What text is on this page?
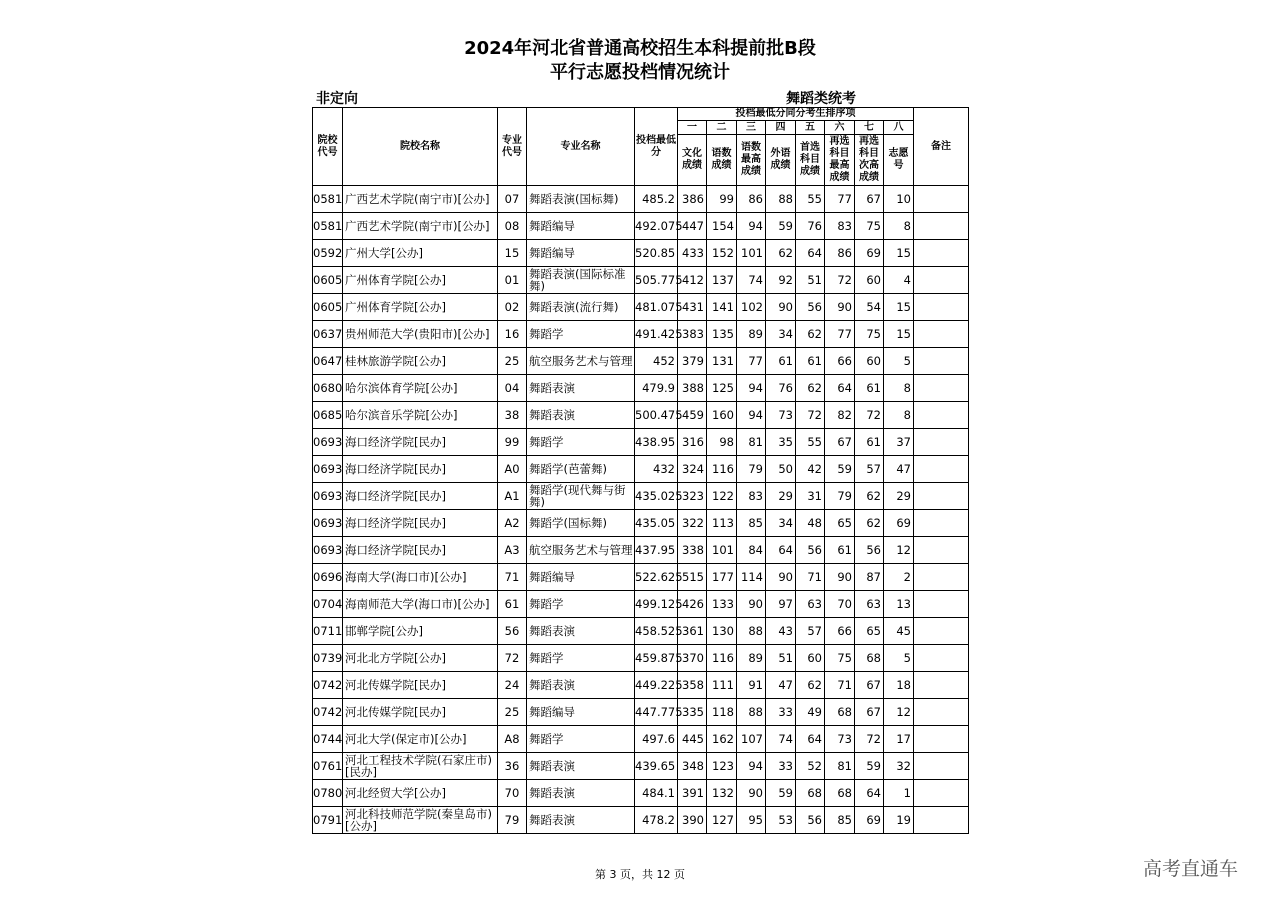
2024年河北省普通高校招生本科提前批B段
平行志愿投档情况统计
非定向	舞蹈类统考
院校代号	院校名称	专业代号	专业名称	投档最低分	投档最低分同分考生排序项								备注
					一	二	三	四	五	六	七	八	
					文化成绩	语数成绩	语数最高成绩	外语成绩	首选科目成绩	再选科目最高成绩	再选科目次高成绩	志愿号	
0581	广西艺术学院(南宁市)[公办]	07	舞蹈表演(国标舞)	485.2	386	99	86	88	55	77	67	10	
0581	广西艺术学院(南宁市)[公办]	08	舞蹈编导	492.075	447	154	94	59	76	83	75	8	
0592	广州大学[公办]	15	舞蹈编导	520.85	433	152	101	62	64	86	69	15	
0605	广州体育学院[公办]	01	舞蹈表演(国际标准舞)	505.775	412	137	74	92	51	72	60	4	
0605	广州体育学院[公办]	02	舞蹈表演(流行舞)	481.075	431	141	102	90	56	90	54	15	
0637	贵州师范大学(贵阳市)[公办]	16	舞蹈学	491.425	383	135	89	34	62	77	75	15	
0647	桂林旅游学院[公办]	25	航空服务艺术与管理	452	379	131	77	61	61	66	60	5	
0680	哈尔滨体育学院[公办]	04	舞蹈表演	479.9	388	125	94	76	62	64	61	8	
0685	哈尔滨音乐学院[公办]	38	舞蹈表演	500.475	459	160	94	73	72	82	72	8	
0693	海口经济学院[民办]	99	舞蹈学	438.95	316	98	81	35	55	67	61	37	
0693	海口经济学院[民办]	A0	舞蹈学(芭蕾舞)	432	324	116	79	50	42	59	57	47	
0693	海口经济学院[民办]	A1	舞蹈学(现代舞与街舞)	435.025	323	122	83	29	31	79	62	29	
0693	海口经济学院[民办]	A2	舞蹈学(国标舞)	435.05	322	113	85	34	48	65	62	69	
0693	海口经济学院[民办]	A3	航空服务艺术与管理	437.95	338	101	84	64	56	61	56	12	
0696	海南大学(海口市)[公办]	71	舞蹈编导	522.625	515	177	114	90	71	90	87	2	
0704	海南师范大学(海口市)[公办]	61	舞蹈学	499.125	426	133	90	97	63	70	63	13	
0711	邯郸学院[公办]	56	舞蹈表演	458.525	361	130	88	43	57	66	65	45	
0739	河北北方学院[公办]	72	舞蹈学	459.875	370	116	89	51	60	75	68	5	
0742	河北传媒学院[民办]	24	舞蹈表演	449.225	358	111	91	47	62	71	67	18	
0742	河北传媒学院[民办]	25	舞蹈编导	447.775	335	118	88	33	49	68	67	12	
0744	河北大学(保定市)[公办]	A8	舞蹈学	497.6	445	162	107	74	64	73	72	17	
0761	河北工程技术学院(石家庄市)[民办]	36	舞蹈表演	439.65	348	123	94	33	52	81	59	32	
0780	河北经贸大学[公办]	70	舞蹈表演	484.1	391	132	90	59	68	68	64	1	
0791	河北科技师范学院(秦皇岛市)[公办]	79	舞蹈表演	478.2	390	127	95	53	56	85	69	19	
第 3 页，共 12 页	高考直通车
